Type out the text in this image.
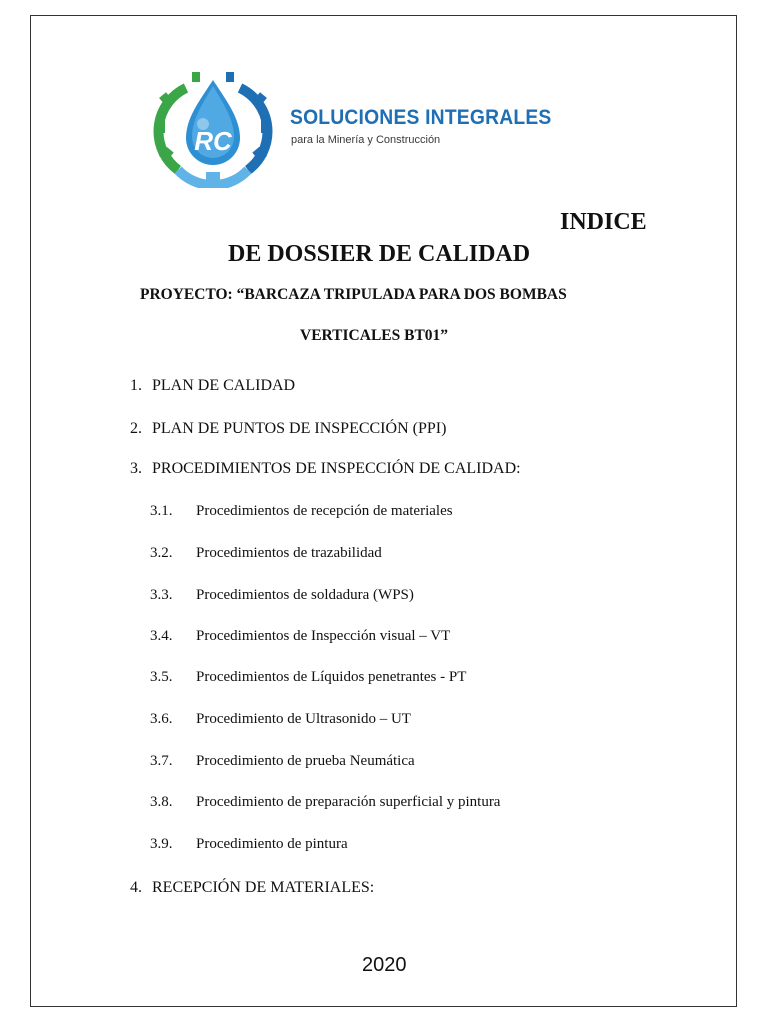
RC
SOLUCIONES INTEGRALES
para la Minería y Construcción
INDICE
DE DOSSIER DE CALIDAD
PROYECTO: “BARCAZA TRIPULADA PARA DOS BOMBAS
VERTICALES BT01”
1. PLAN DE CALIDAD
2. PLAN DE PUNTOS DE INSPECCIÓN (PPI)
3. PROCEDIMIENTOS DE INSPECCIÓN DE CALIDAD:
3.1. Procedimientos de recepción de materiales
3.2. Procedimientos de trazabilidad
3.3. Procedimientos de soldadura (WPS)
3.4. Procedimientos de Inspección visual – VT
3.5. Procedimientos de Líquidos penetrantes - PT
3.6. Procedimiento de Ultrasonido – UT
3.7. Procedimiento de prueba Neumática
3.8. Procedimiento de preparación superficial y pintura
3.9. Procedimiento de pintura
4. RECEPCIÓN DE MATERIALES:
2020
